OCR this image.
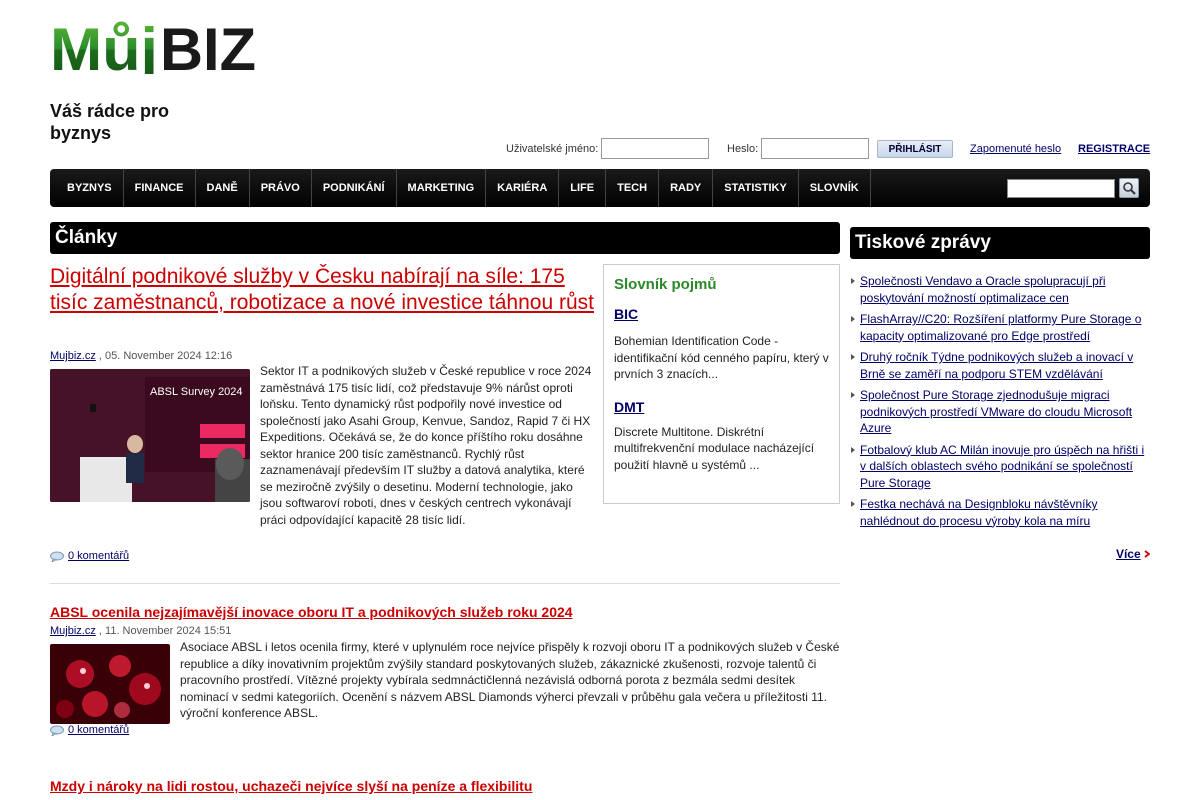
Můj BIZ
Váš rádce pro byznys
Uživatelské jméno:	Heslo:	PŘIHLÁSIT	Zapomenuté heslo REGISTRACE
BYZNYS	FINANCE	DANĚ	PRÁVO	PODNIKÁNÍ	MARKETING	KARIÉRA	LIFE	TECH	RADY	STATISTIKY	SLOVNÍK
Články	Tiskové zprávy
Digitální podnikové služby v Česku nabírají na síle: 175 tisíc zaměstnanců, robotizace a nové investice táhnou růst
Mujbiz.cz , 05. November 2024 12:16
ABSL Survey 2024
Sektor IT a podnikových služeb v České republice v roce 2024 zaměstnává 175 tisíc lidí, což představuje 9% nárůst oproti loňsku. Tento dynamický růst podpořily nové investice od společností jako Asahi Group, Kenvue, Sandoz, Rapid 7 či HX Expeditions. Očekává se, že do konce příštího roku dosáhne sektor hranice 200 tisíc zaměstnanců. Rychlý růst zaznamenávají především IT služby a datová analytika, které se meziročně zvýšily o desetinu. Moderní technologie, jako jsou softwaroví roboti, dnes v českých centrech vykonávají práci odpovídající kapacitě 28 tisíc lidí.
0 komentářů
Slovník pojmů
BIC
Bohemian Identification Code - identifikační kód cenného papíru, který v prvních 3 znacích...
DMT
Discrete Multitone. Diskrétní multifrekvenční modulace nacházející použití hlavně u systémů ...
ABSL ocenila nejzajímavější inovace oboru IT a podnikových služeb roku 2024
Mujbiz.cz , 11. November 2024 15:51
Asociace ABSL i letos ocenila firmy, které v uplynulém roce nejvíce přispěly k rozvoji oboru IT a podnikových služeb v České republice a díky inovativním projektům zvýšily standard poskytovaných služeb, zákaznické zkušenosti, rozvoje talentů či pracovního prostředí. Vítězné projekty vybírala sedmnáctičlenná nezávislá odborná porota z bezmála sedmi desítek nominací v sedmi kategoriích. Ocenění s názvem ABSL Diamonds výherci převzali v průběhu gala večera u příležitosti 11. výroční konference ABSL.
0 komentářů
Mzdy i nároky na lidi rostou, uchazeči nejvíce slyší na peníze a flexibilitu
Společnosti Vendavo a Oracle spolupracují při poskytování možností optimalizace cen
FlashArray//C20: Rozšíření platformy Pure Storage o kapacity optimalizované pro Edge prostředí
Druhý ročník Týdne podnikových služeb a inovací v Brně se zaměří na podporu STEM vzdělávání
Společnost Pure Storage zjednodušuje migraci podnikových prostředí VMware do cloudu Microsoft Azure
Fotbalový klub AC Milán inovuje pro úspěch na hřišti i v dalších oblastech svého podnikání se společností Pure Storage
Festka nechává na Designbloku návštěvníky nahlédnout do procesu výroby kola na míru
Více
